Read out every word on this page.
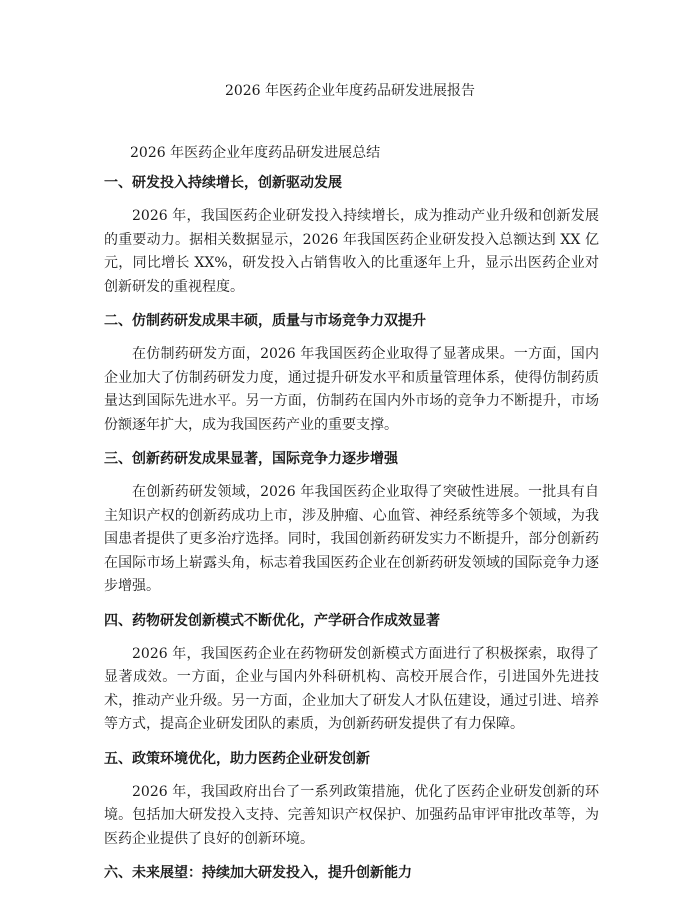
2026 年医药企业年度药品研发进展报告

2026 年医药企业年度药品研发进展总结

一、研发投入持续增长，创新驱动发展

2026 年，我国医药企业研发投入持续增长，成为推动产业升级和创新发展的重要动力。据相关数据显示，2026 年我国医药企业研发投入总额达到 XX 亿元，同比增长 XX%，研发投入占销售收入的比重逐年上升，显示出医药企业对创新研发的重视程度。

二、仿制药研发成果丰硕，质量与市场竞争力双提升

在仿制药研发方面，2026 年我国医药企业取得了显著成果。一方面，国内企业加大了仿制药研发力度，通过提升研发水平和质量管理体系，使得仿制药质量达到国际先进水平。另一方面，仿制药在国内外市场的竞争力不断提升，市场份额逐年扩大，成为我国医药产业的重要支撑。

三、创新药研发成果显著，国际竞争力逐步增强

在创新药研发领域，2026 年我国医药企业取得了突破性进展。一批具有自主知识产权的创新药成功上市，涉及肿瘤、心血管、神经系统等多个领域，为我国患者提供了更多治疗选择。同时，我国创新药研发实力不断提升，部分创新药在国际市场上崭露头角，标志着我国医药企业在创新药研发领域的国际竞争力逐步增强。

四、药物研发创新模式不断优化，产学研合作成效显著

2026 年，我国医药企业在药物研发创新模式方面进行了积极探索，取得了显著成效。一方面，企业与国内外科研机构、高校开展合作，引进国外先进技术，推动产业升级。另一方面，企业加大了研发人才队伍建设，通过引进、培养等方式，提高企业研发团队的素质，为创新药研发提供了有力保障。

五、政策环境优化，助力医药企业研发创新

2026 年，我国政府出台了一系列政策措施，优化了医药企业研发创新的环境。包括加大研发投入支持、完善知识产权保护、加强药品审评审批改革等，为医药企业提供了良好的创新环境。

六、未来展望：持续加大研发投入，提升创新能力
